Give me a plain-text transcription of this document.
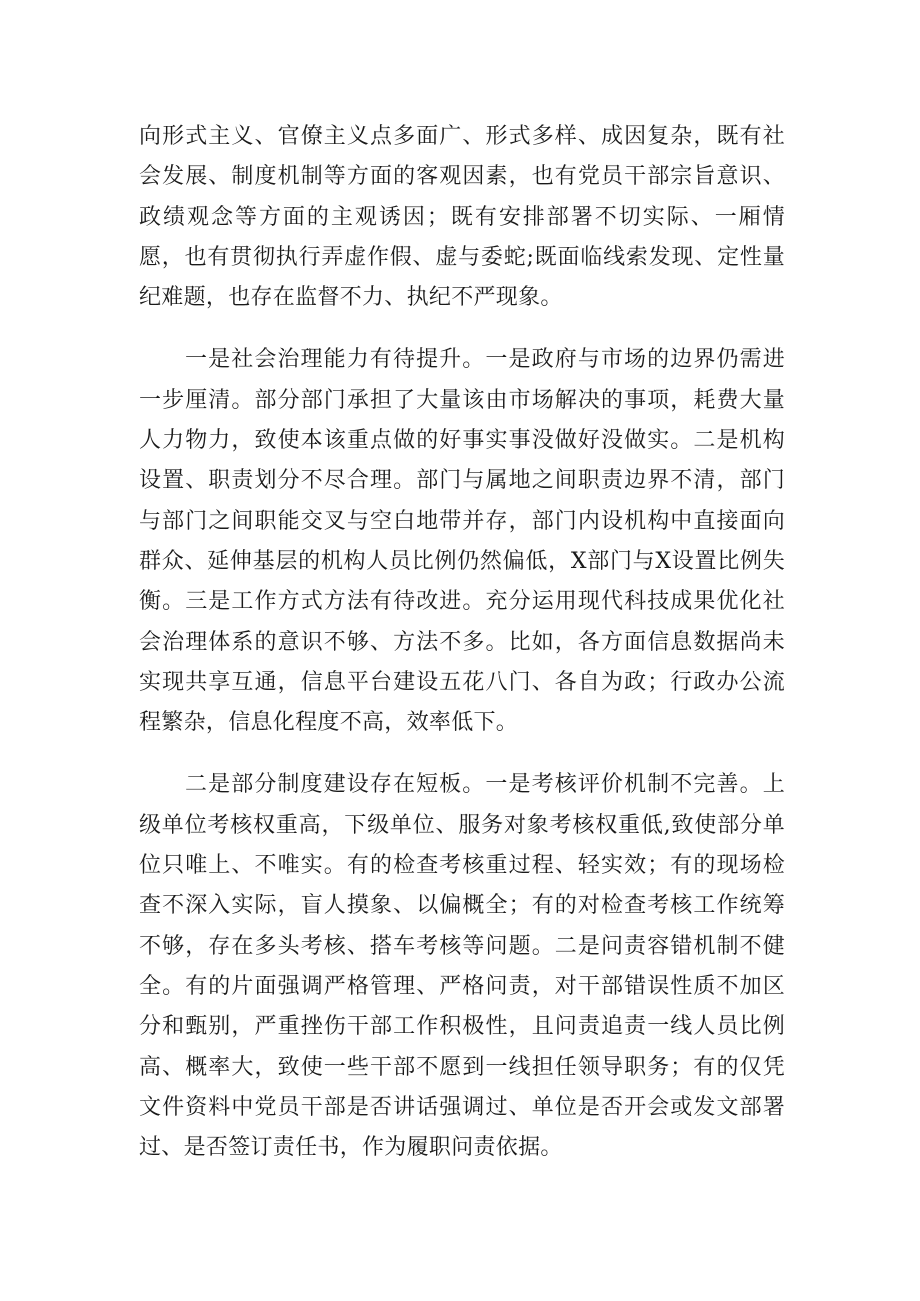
向形式主义、官僚主义点多面广、形式多样、成因复杂，既有社会发展、制度机制等方面的客观因素，也有党员干部宗旨意识、政绩观念等方面的主观诱因；既有安排部署不切实际、一厢情愿，也有贯彻执行弄虚作假、虚与委蛇;既面临线索发现、定性量纪难题，也存在监督不力、执纪不严现象。

一是社会治理能力有待提升。一是政府与市场的边界仍需进一步厘清。部分部门承担了大量该由市场解决的事项，耗费大量人力物力，致使本该重点做的好事实事没做好没做实。二是机构设置、职责划分不尽合理。部门与属地之间职责边界不清，部门与部门之间职能交叉与空白地带并存，部门内设机构中直接面向群众、延伸基层的机构人员比例仍然偏低，X部门与X设置比例失衡。三是工作方式方法有待改进。充分运用现代科技成果优化社会治理体系的意识不够、方法不多。比如，各方面信息数据尚未实现共享互通，信息平台建设五花八门、各自为政；行政办公流程繁杂，信息化程度不高，效率低下。

二是部分制度建设存在短板。一是考核评价机制不完善。上级单位考核权重高，下级单位、服务对象考核权重低,致使部分单位只唯上、不唯实。有的检查考核重过程、轻实效；有的现场检查不深入实际，盲人摸象、以偏概全；有的对检查考核工作统筹不够，存在多头考核、搭车考核等问题。二是问责容错机制不健全。有的片面强调严格管理、严格问责，对干部错误性质不加区分和甄别，严重挫伤干部工作积极性，且问责追责一线人员比例高、概率大，致使一些干部不愿到一线担任领导职务；有的仅凭文件资料中党员干部是否讲话强调过、单位是否开会或发文部署过、是否签订责任书，作为履职问责依据。
